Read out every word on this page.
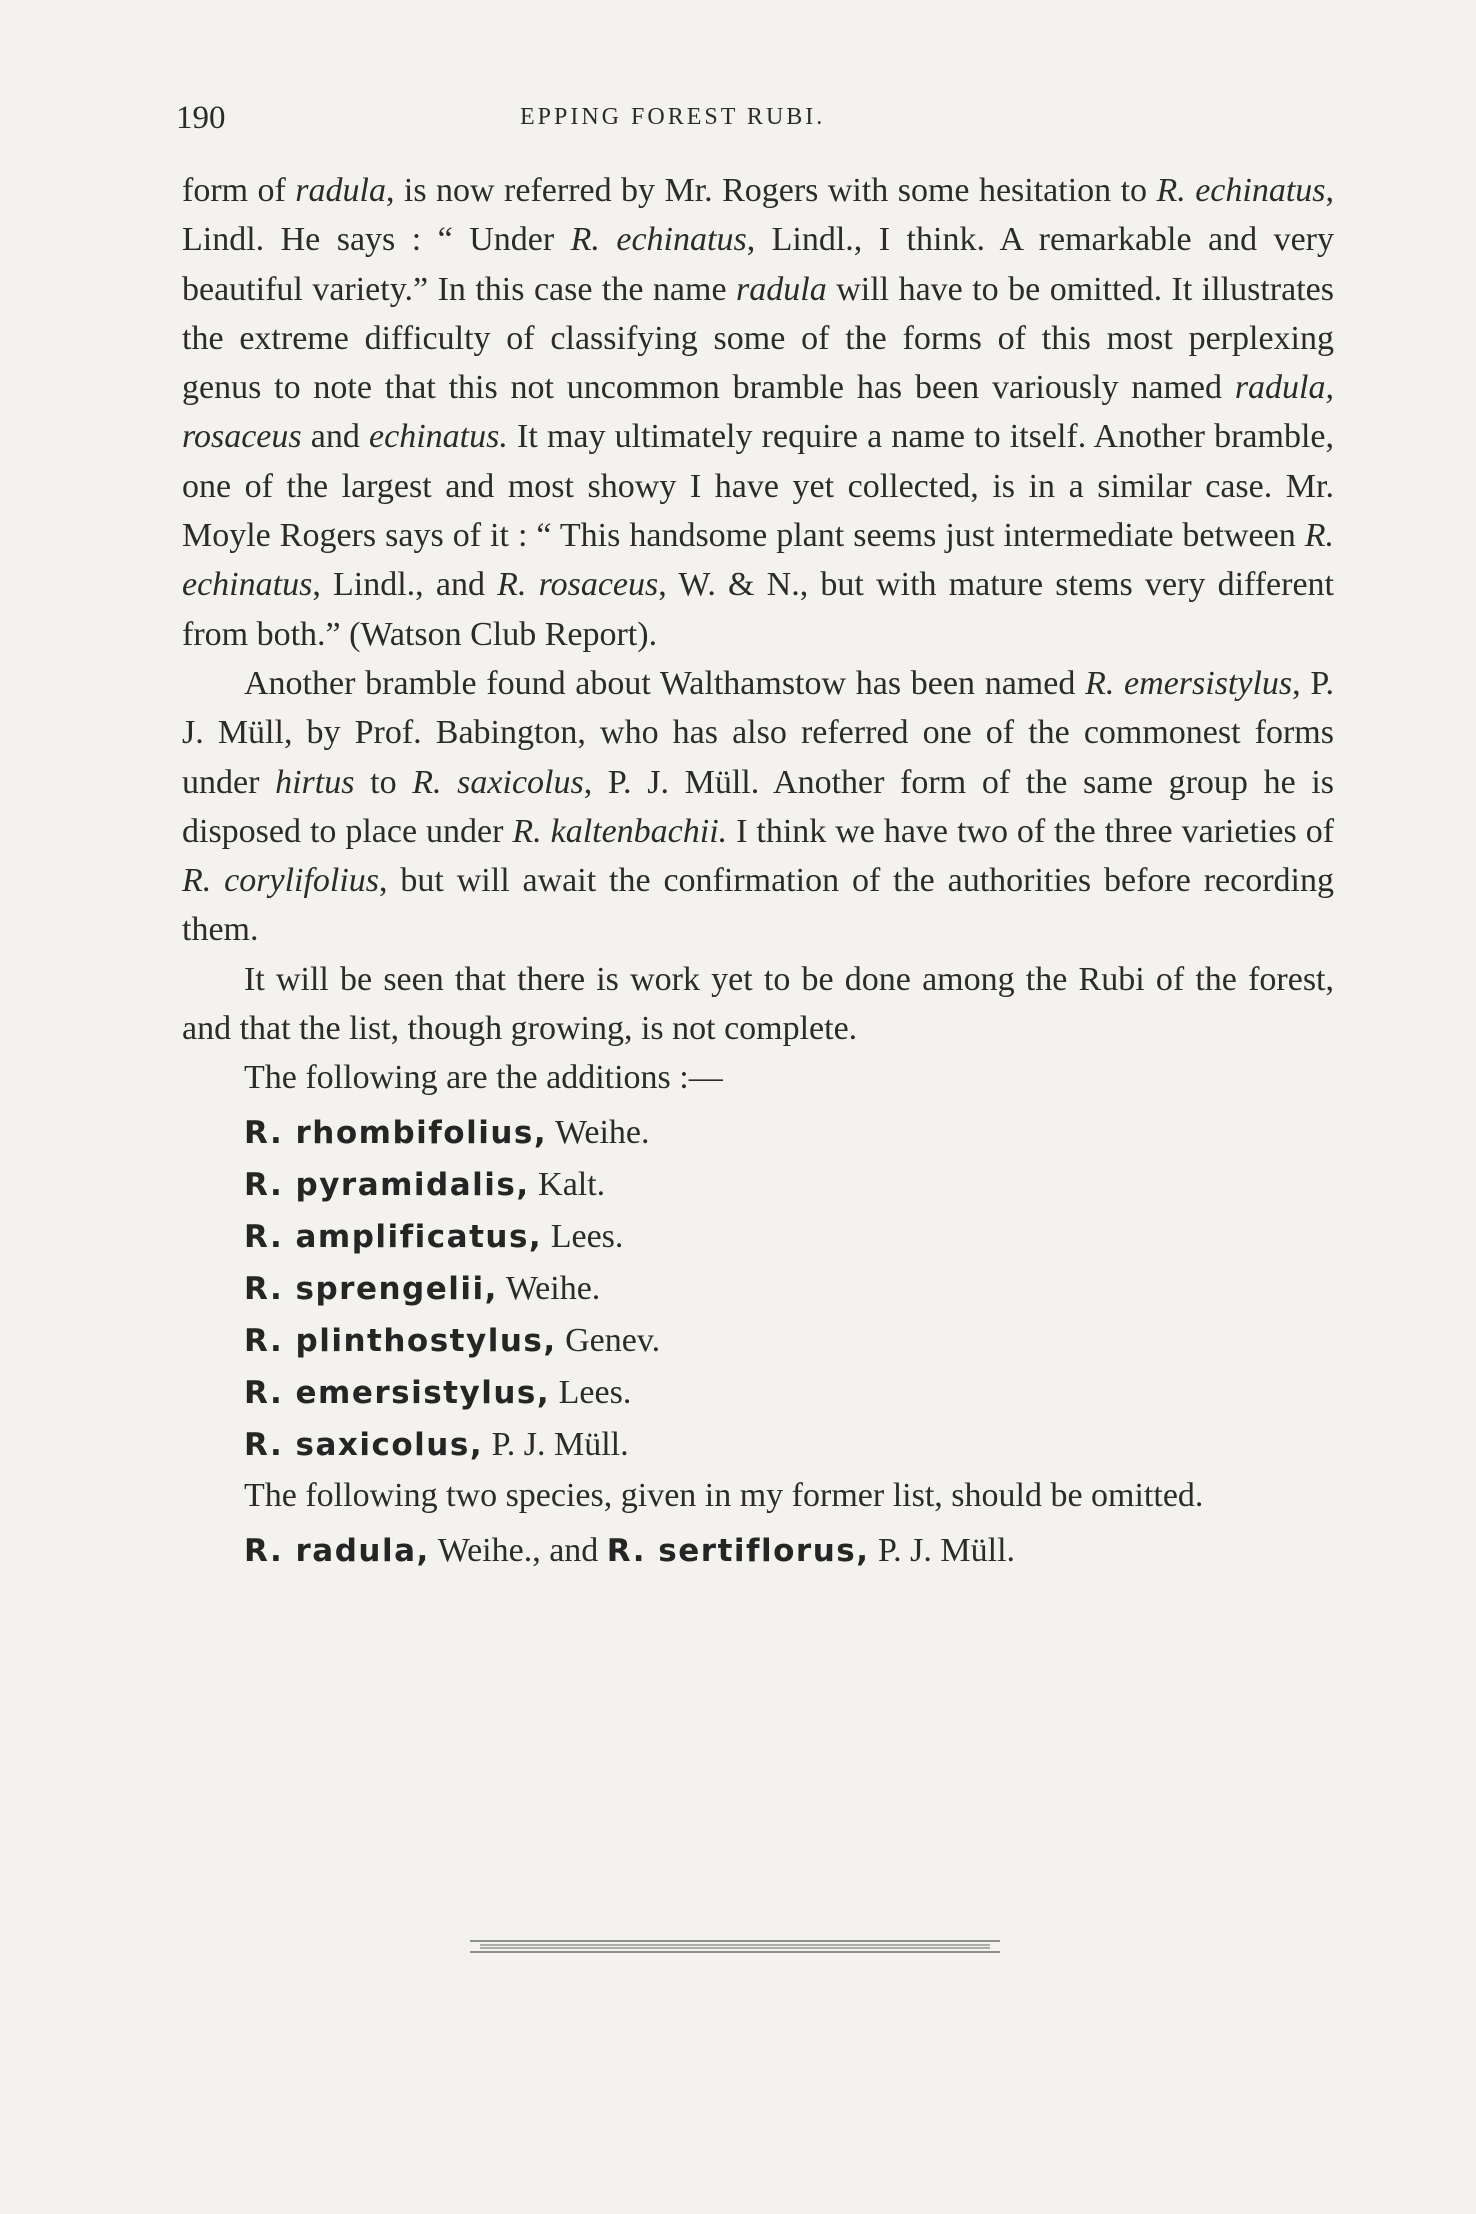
190	EPPING FOREST RUBI.

form of radula, is now referred by Mr. Rogers with some hesitation to R. echinatus, Lindl. He says : “ Under R. echinatus, Lindl., I think. A remarkable and very beautiful variety.” In this case the name radula will have to be omitted. It illustrates the extreme difficulty of classifying some of the forms of this most perplexing genus to note that this not uncommon bramble has been variously named radula, rosaceus and echinatus. It may ultimately require a name to itself. Another bramble, one of the largest and most showy I have yet collected, is in a similar case. Mr. Moyle Rogers says of it : “ This handsome plant seems just intermediate between R. echinatus, Lindl., and R. rosaceus, W. & N., but with mature stems very different from both.” (Watson Club Report).

Another bramble found about Walthamstow has been named R. emersistylus, P. J. Müll, by Prof. Babington, who has also referred one of the commonest forms under hirtus to R. saxicolus, P. J. Müll. Another form of the same group he is disposed to place under R. kaltenbachii. I think we have two of the three varieties of R. corylifolius, but will await the confirmation of the authorities before recording them.

It will be seen that there is work yet to be done among the Rubi of the forest, and that the list, though growing, is not complete.

The following are the additions :—

R. rhombifolius, Weihe.
R. pyramidalis, Kalt.
R. amplificatus, Lees.
R. sprengelii, Weihe.
R. plinthostylus, Genev.
R. emersistylus, Lees.
R. saxicolus, P. J. Müll.

The following two species, given in my former list, should be omitted.

R. radula, Weihe., and R. sertiflorus, P. J. Müll.
